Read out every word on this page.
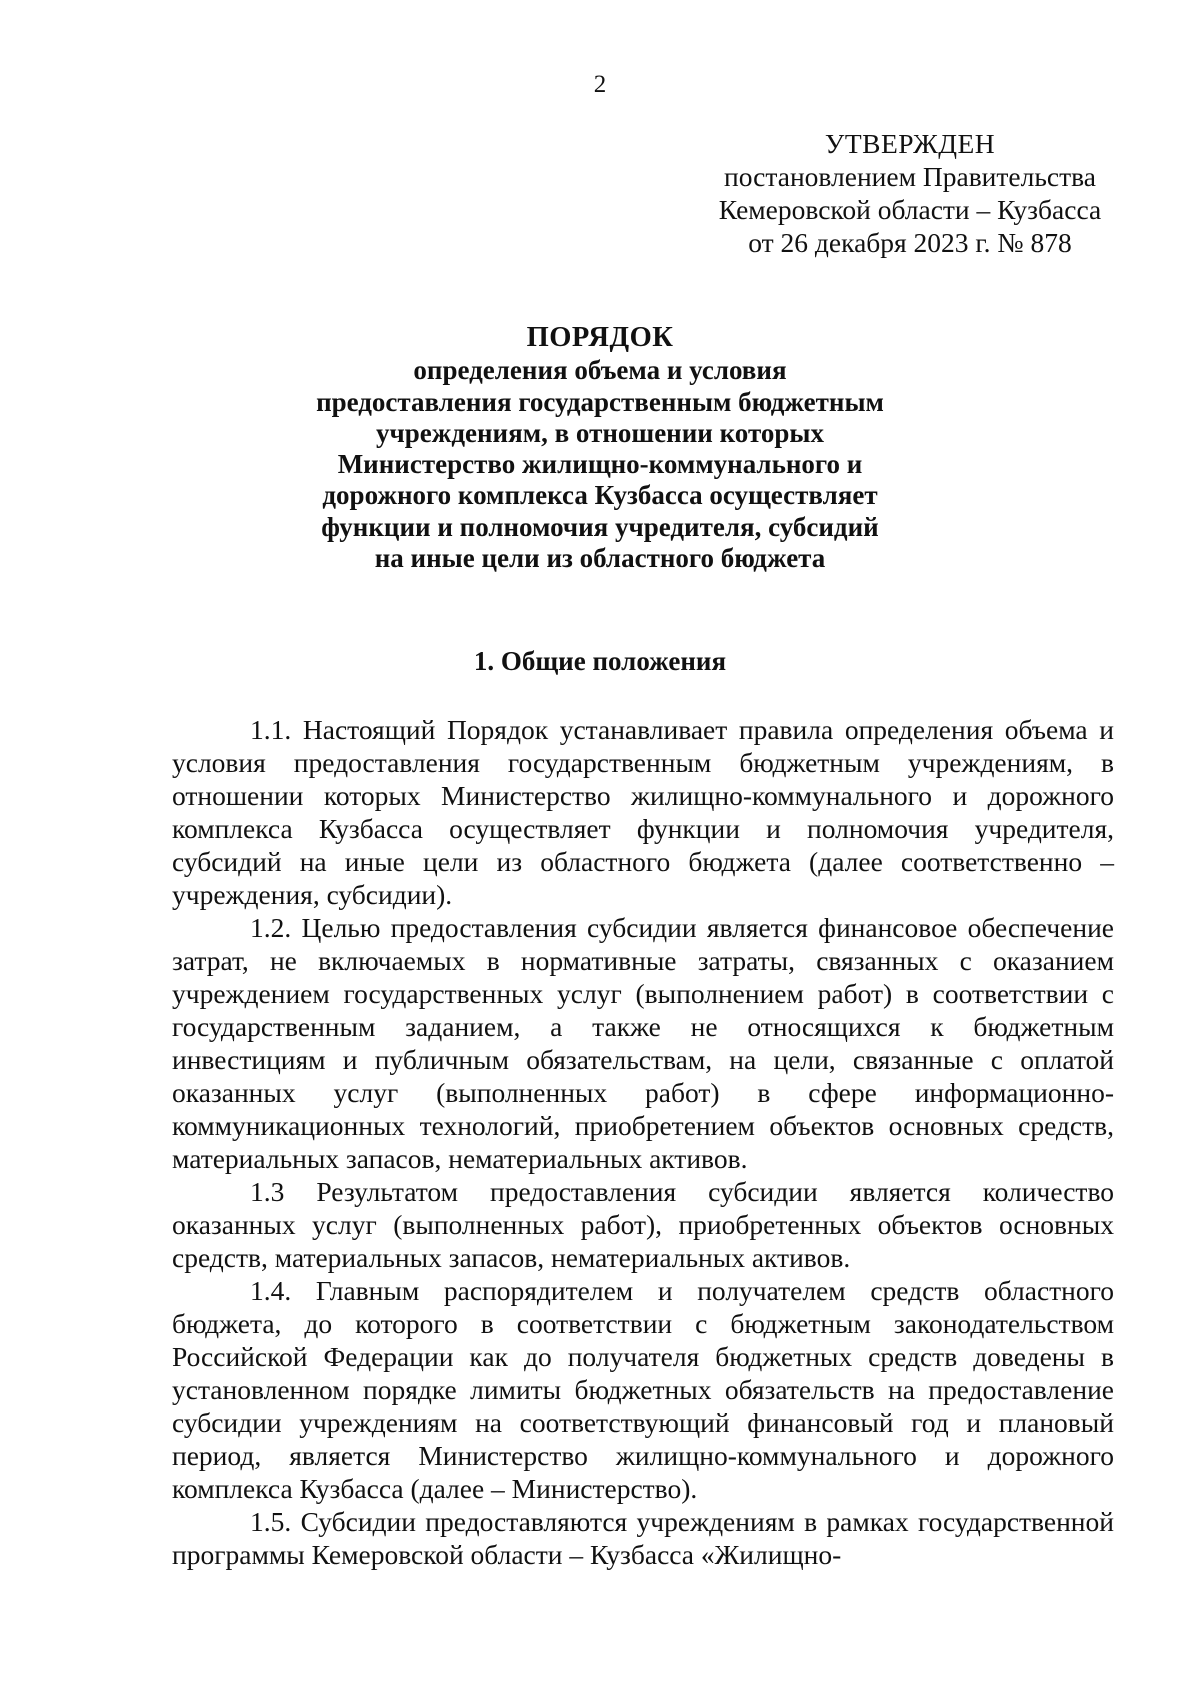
2
УТВЕРЖДЕН
постановлением Правительства
Кемеровской области – Кузбасса
от 26 декабря 2023 г. № 878
ПОРЯДОК
определения объема и условия
предоставления государственным бюджетным
учреждениям, в отношении которых
Министерство жилищно-коммунального и
дорожного комплекса Кузбасса осуществляет
функции и полномочия учредителя, субсидий
на иные цели из областного бюджета
1. Общие положения

1.1. Настоящий Порядок устанавливает правила определения объема и условия предоставления государственным бюджетным учреждениям, в отношении которых Министерство жилищно-коммунального и дорожного комплекса Кузбасса осуществляет функции и полномочия учредителя, субсидий на иные цели из областного бюджета (далее соответственно – учреждения, субсидии).

1.2. Целью предоставления субсидии является финансовое обеспечение затрат, не включаемых в нормативные затраты, связанных с оказанием учреждением государственных услуг (выполнением работ) в соответствии с государственным заданием, а также не относящихся к бюджетным инвестициям и публичным обязательствам, на цели, связанные с оплатой оказанных услуг (выполненных работ) в сфере информационно-коммуникационных технологий, приобретением объектов основных средств, материальных запасов, нематериальных активов.

1.3 Результатом предоставления субсидии является количество оказанных услуг (выполненных работ), приобретенных объектов основных средств, материальных запасов, нематериальных активов.

1.4. Главным распорядителем и получателем средств областного бюджета, до которого в соответствии с бюджетным законодательством Российской Федерации как до получателя бюджетных средств доведены в установленном порядке лимиты бюджетных обязательств на предоставление субсидии учреждениям на соответствующий финансовый год и плановый период, является Министерство жилищно-коммунального и дорожного комплекса Кузбасса (далее – Министерство).

1.5. Субсидии предоставляются учреждениям в рамках государственной программы Кемеровской области – Кузбасса «Жилищно-
